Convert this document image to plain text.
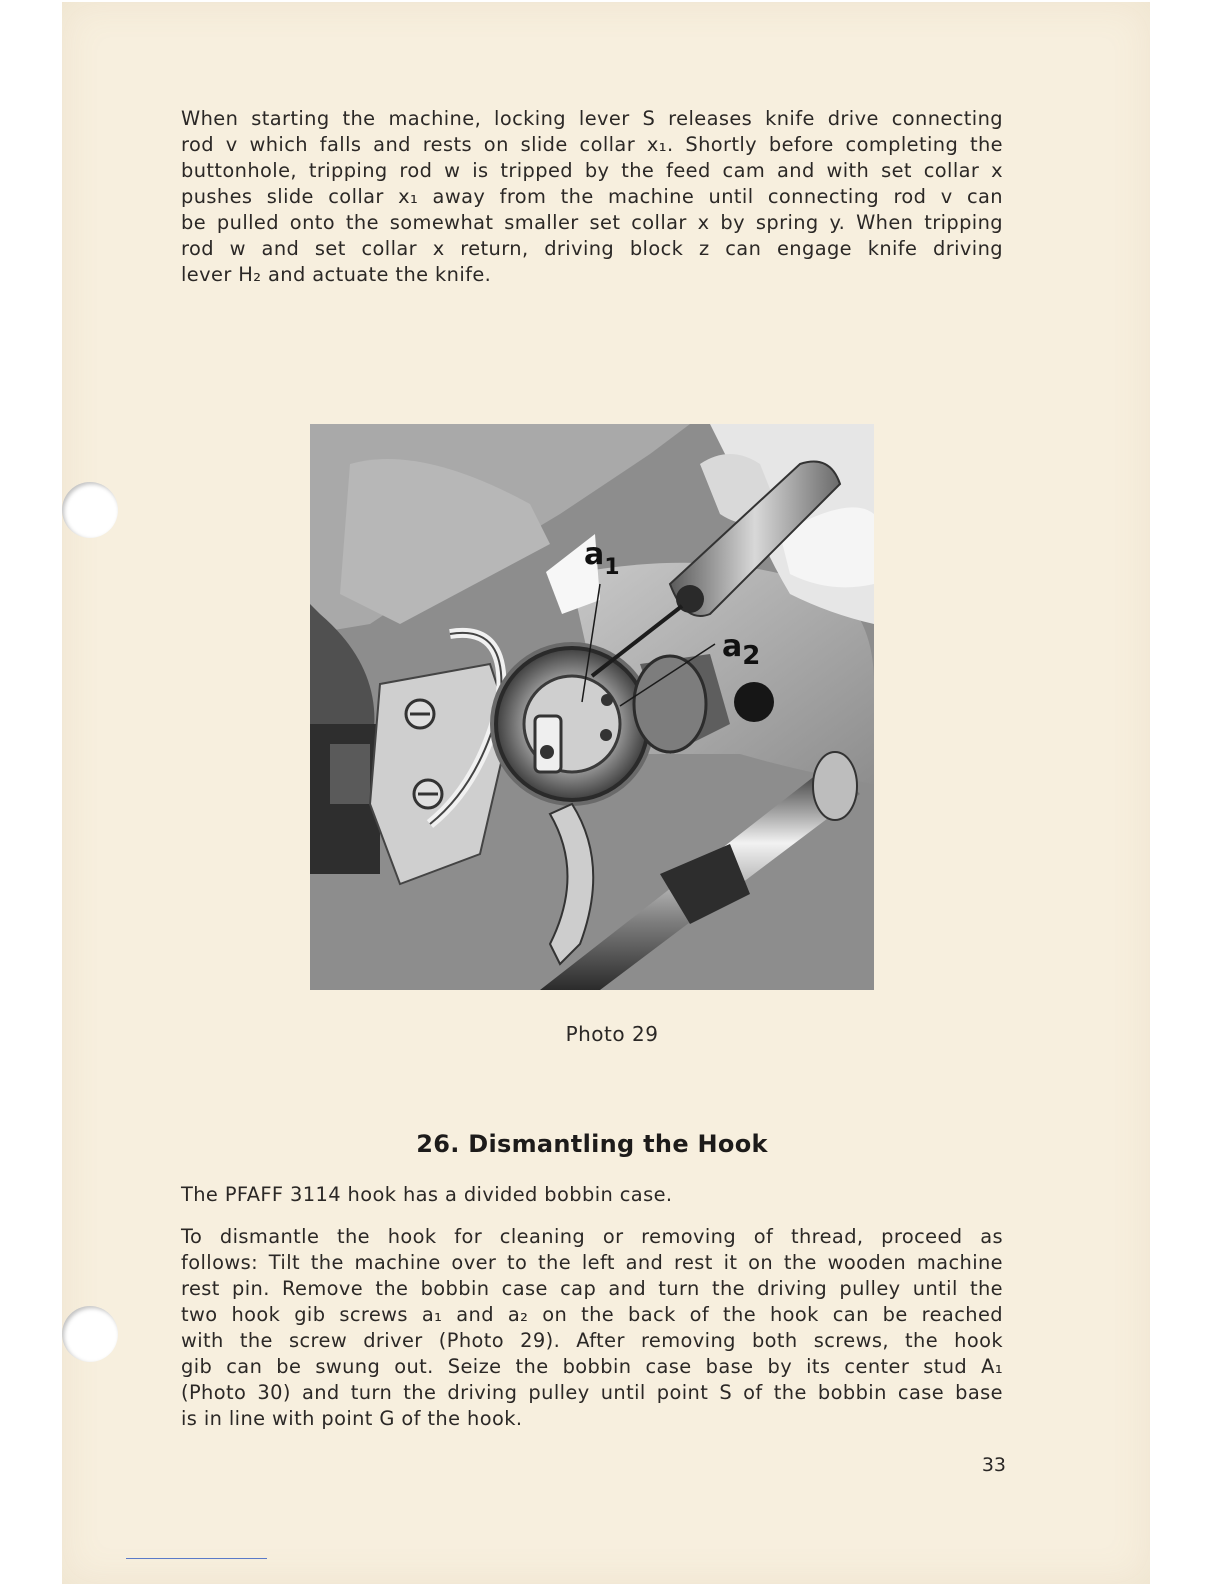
When starting the machine, locking lever S releases knife drive connecting
rod v which falls and rests on slide collar x₁. Shortly before completing the
buttonhole, tripping rod w is tripped by the feed cam and with set collar x
pushes slide collar x₁ away from the machine until connecting rod v can
be pulled onto the somewhat smaller set collar x by spring y. When tripping
rod w and set collar x return, driving block z can engage knife driving
lever H₂ and actuate the knife.
$a_1$
a2
Photo 29
26. Dismantling the Hook
The PFAFF 3114 hook has a divided bobbin case.
To dismantle the hook for cleaning or removing of thread, proceed as
follows: Tilt the machine over to the left and rest it on the wooden machine
rest pin. Remove the bobbin case cap and turn the driving pulley until the
two hook gib screws a₁ and a₂ on the back of the hook can be reached
with the screw driver (Photo 29). After removing both screws, the hook
gib can be swung out. Seize the bobbin case base by its center stud A₁
(Photo 30) and turn the driving pulley until point S of the bobbin case base
is in line with point G of the hook.
33
